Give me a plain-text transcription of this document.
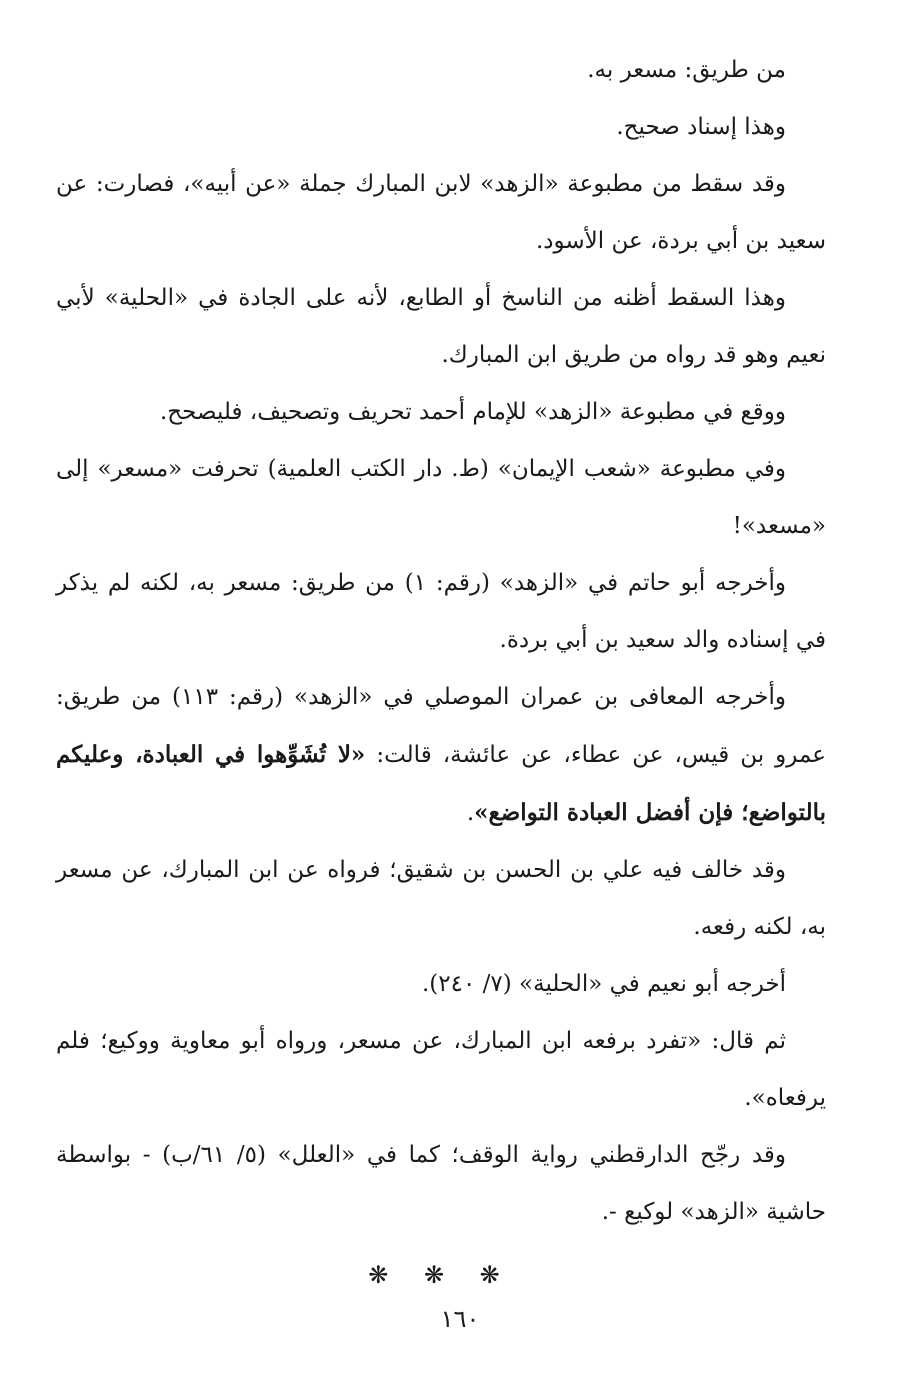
من طريق: مسعر به.

وهذا إسناد صحيح.

وقد سقط من مطبوعة «الزهد» لابن المبارك جملة «عن أبيه»، فصارت: عن سعيد بن أبي بردة، عن الأسود.

وهذا السقط أظنه من الناسخ أو الطابع، لأنه على الجادة في «الحلية» لأبي نعيم وهو قد رواه من طريق ابن المبارك.

ووقع في مطبوعة «الزهد» للإمام أحمد تحريف وتصحيف، فليصحح.

وفي مطبوعة «شعب الإيمان» (ط. دار الكتب العلمية) تحرفت «مسعر» إلى «مسعد»!

وأخرجه أبو حاتم في «الزهد» (رقم: ١) من طريق: مسعر به، لكنه لم يذكر في إسناده والد سعيد بن أبي بردة.

وأخرجه المعافى بن عمران الموصلي في «الزهد» (رقم: ١١٣) من طريق: عمرو بن قيس، عن عطاء، عن عائشة، قالت: «لا تُشَوِّهوا في العبادة، وعليكم بالتواضع؛ فإن أفضل العبادة التواضع».

وقد خالف فيه علي بن الحسن بن شقيق؛ فرواه عن ابن المبارك، عن مسعر به، لكنه رفعه.

أخرجه أبو نعيم في «الحلية» (٧/ ٢٤٠).

ثم قال: «تفرد برفعه ابن المبارك، عن مسعر، ورواه أبو معاوية ووكيع؛ فلم يرفعاه».

وقد رجّح الدارقطني رواية الوقف؛ كما في «العلل» (٥/ ٦١/ب) - بواسطة حاشية «الزهد» لوكيع -.

❋ ❋ ❋
١٦٠
